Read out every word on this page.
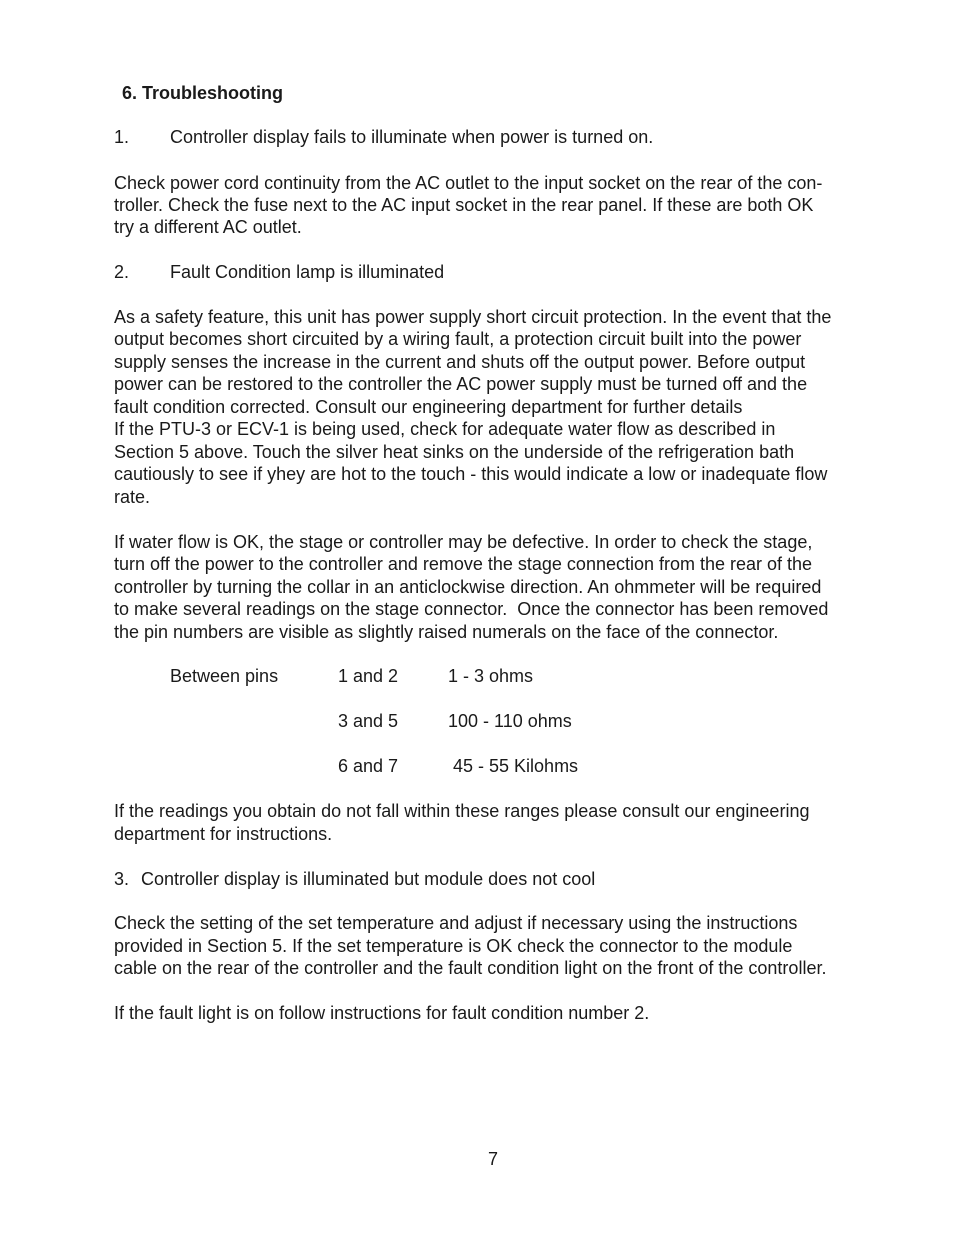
6. Troubleshooting
1. Controller display fails to illuminate when power is turned on.
Check power cord continuity from the AC outlet to the input socket on the rear of the con-
troller. Check the fuse next to the AC input socket in the rear panel. If these are both OK
try a different AC outlet.
2. Fault Condition lamp is illuminated
As a safety feature, this unit has power supply short circuit protection. In the event that the
output becomes short circuited by a wiring fault, a protection circuit built into the power
supply senses the increase in the current and shuts off the output power. Before output
power can be restored to the controller the AC power supply must be turned off and the
fault condition corrected. Consult our engineering department for further details
If the PTU-3 or ECV-1 is being used, check for adequate water flow as described in
Section 5 above. Touch the silver heat sinks on the underside of the refrigeration bath
cautiously to see if yhey are hot to the touch - this would indicate a low or inadequate flow
rate.
If water flow is OK, the stage or controller may be defective. In order to check the stage,
turn off the power to the controller and remove the stage connection from the rear of the
controller by turning the collar in an anticlockwise direction. An ohmmeter will be required
to make several readings on the stage connector.  Once the connector has been removed
the pin numbers are visible as slightly raised numerals on the face of the connector.
Between pins	1 and 2	1 - 3 ohms
3 and 5	100 - 110 ohms
6 and 7	45 - 55 Kilohms
If the readings you obtain do not fall within these ranges please consult our engineering
department for instructions.
3. Controller display is illuminated but module does not cool
Check the setting of the set temperature and adjust if necessary using the instructions
provided in Section 5. If the set temperature is OK check the connector to the module
cable on the rear of the controller and the fault condition light on the front of the controller.
If the fault light is on follow instructions for fault condition number 2.
7
